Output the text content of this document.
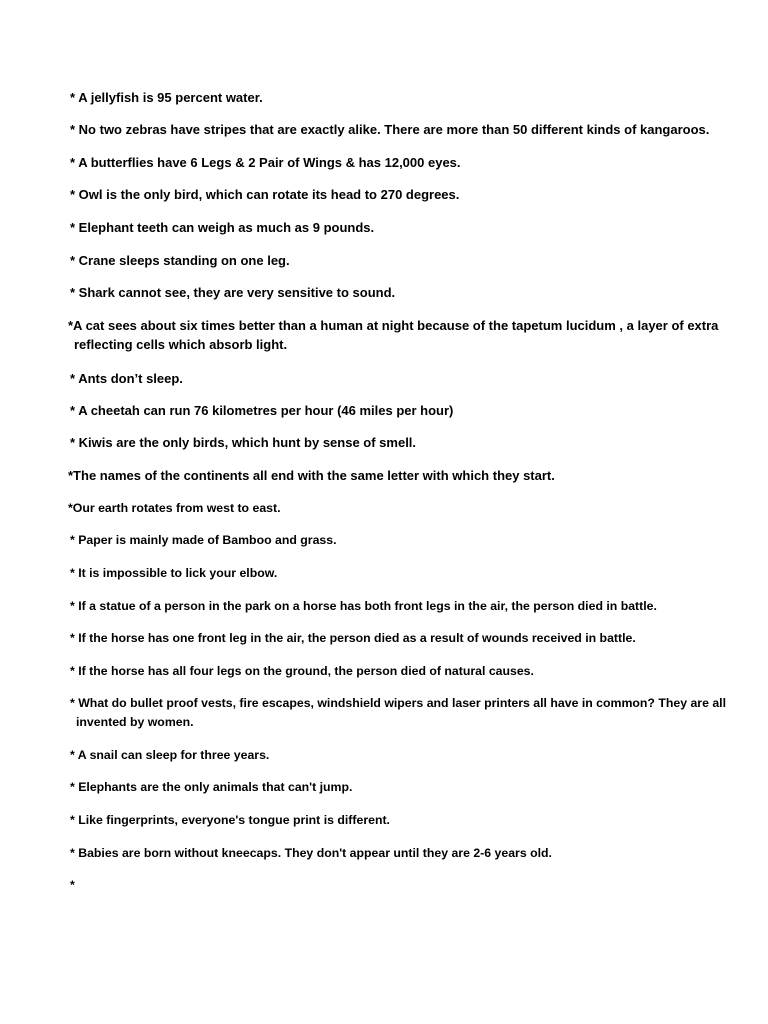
* A jellyfish is 95 percent water.
* No two zebras have stripes that are exactly alike. There are more than 50 different kinds of kangaroos.
* A butterflies have 6 Legs & 2 Pair of Wings & has 12,000 eyes.
* Owl is the only bird, which can rotate its head to 270 degrees.
* Elephant teeth can weigh as much as 9 pounds.
* Crane sleeps standing on one leg.
* Shark cannot see, they are very sensitive to sound.
*A cat sees about six times better than a human at night because of the tapetum lucidum , a layer of extra
reflecting cells which absorb light.
* Ants don’t sleep.
* A cheetah can run 76 kilometres per hour (46 miles per hour)
* Kiwis are the only birds, which hunt by sense of smell.
*The names of the continents all end with the same letter with which they start.
*Our earth rotates from west to east.
* Paper is mainly made of Bamboo and grass.
* It is impossible to lick your elbow.
* If a statue of a person in the park on a horse has both front legs in the air, the person died in battle.
* If the horse has one front leg in the air, the person died as a result of wounds received in battle.
* If the horse has all four legs on the ground, the person died of natural causes.
* What do bullet proof vests, fire escapes, windshield wipers and laser printers all have in common? They are all
invented by women.
* A snail can sleep for three years.
* Elephants are the only animals that can't jump.
* Like fingerprints, everyone's tongue print is different.
* Babies are born without kneecaps. They don't appear until they are 2-6 years old.
*
